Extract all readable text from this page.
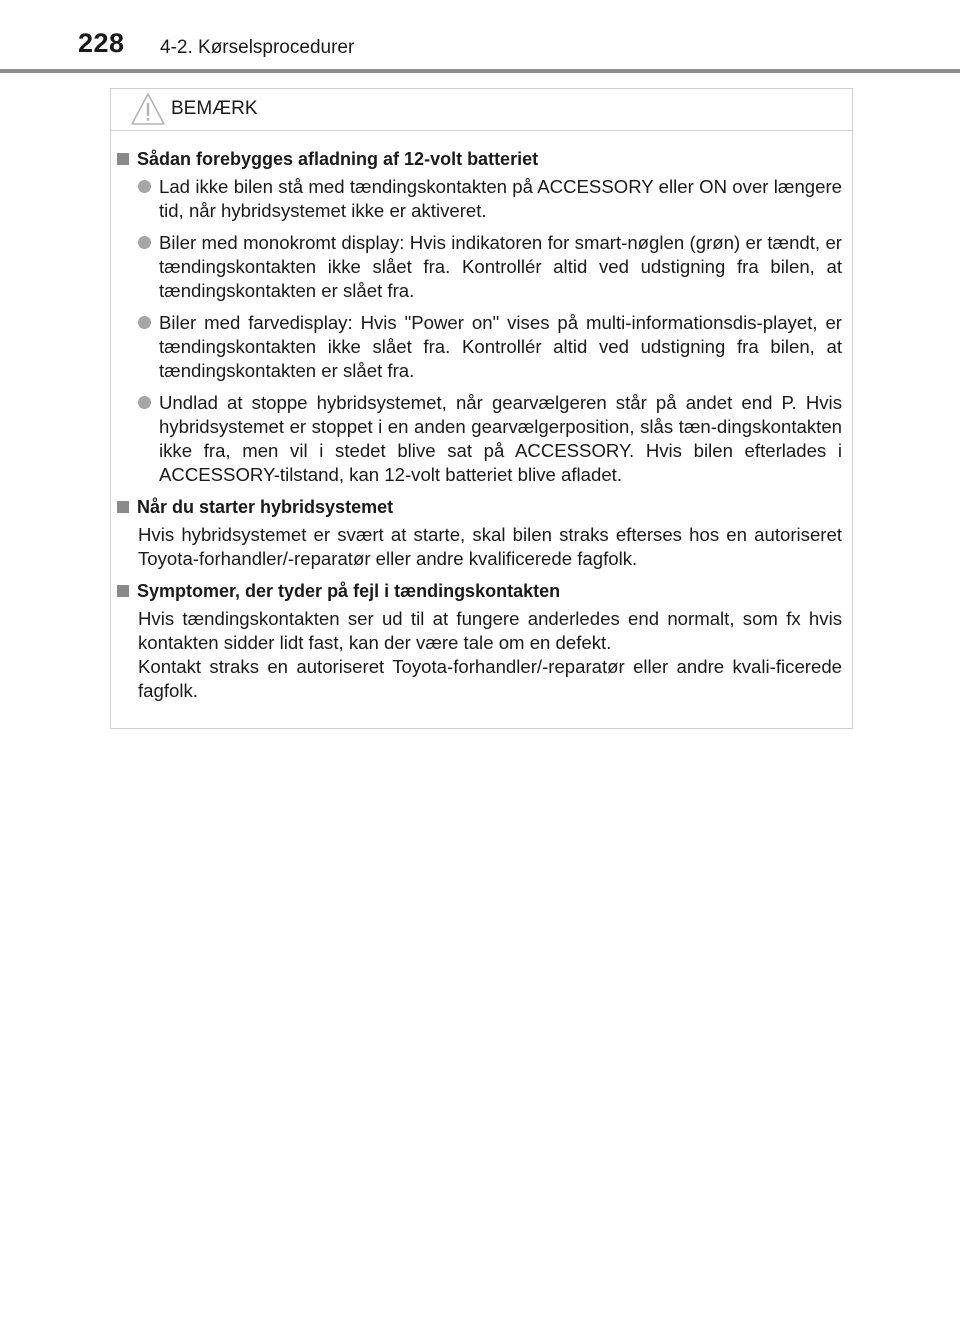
228 4-2. Kørselsprocedurer
BEMÆRK
Sådan forebygges afladning af 12-volt batteriet
Lad ikke bilen stå med tændingskontakten på ACCESSORY eller ON over længere tid, når hybridsystemet ikke er aktiveret.
Biler med monokromt display: Hvis indikatoren for smart-nøglen (grøn) er tændt, er tændingskontakten ikke slået fra. Kontrollér altid ved udstigning fra bilen, at tændingskontakten er slået fra.
Biler med farvedisplay: Hvis "Power on" vises på multi-informationsdis-playet, er tændingskontakten ikke slået fra. Kontrollér altid ved udstigning fra bilen, at tændingskontakten er slået fra.
Undlad at stoppe hybridsystemet, når gearvælgeren står på andet end P. Hvis hybridsystemet er stoppet i en anden gearvælgerposition, slås tæn-dingskontakten ikke fra, men vil i stedet blive sat på ACCESSORY. Hvis bilen efterlades i ACCESSORY-tilstand, kan 12-volt batteriet blive afladet.
Når du starter hybridsystemet
Hvis hybridsystemet er svært at starte, skal bilen straks efterses hos en autoriseret Toyota-forhandler/-reparatør eller andre kvalificerede fagfolk.
Symptomer, der tyder på fejl i tændingskontakten
Hvis tændingskontakten ser ud til at fungere anderledes end normalt, som fx hvis kontakten sidder lidt fast, kan der være tale om en defekt.
Kontakt straks en autoriseret Toyota-forhandler/-reparatør eller andre kvali-ficerede fagfolk.
